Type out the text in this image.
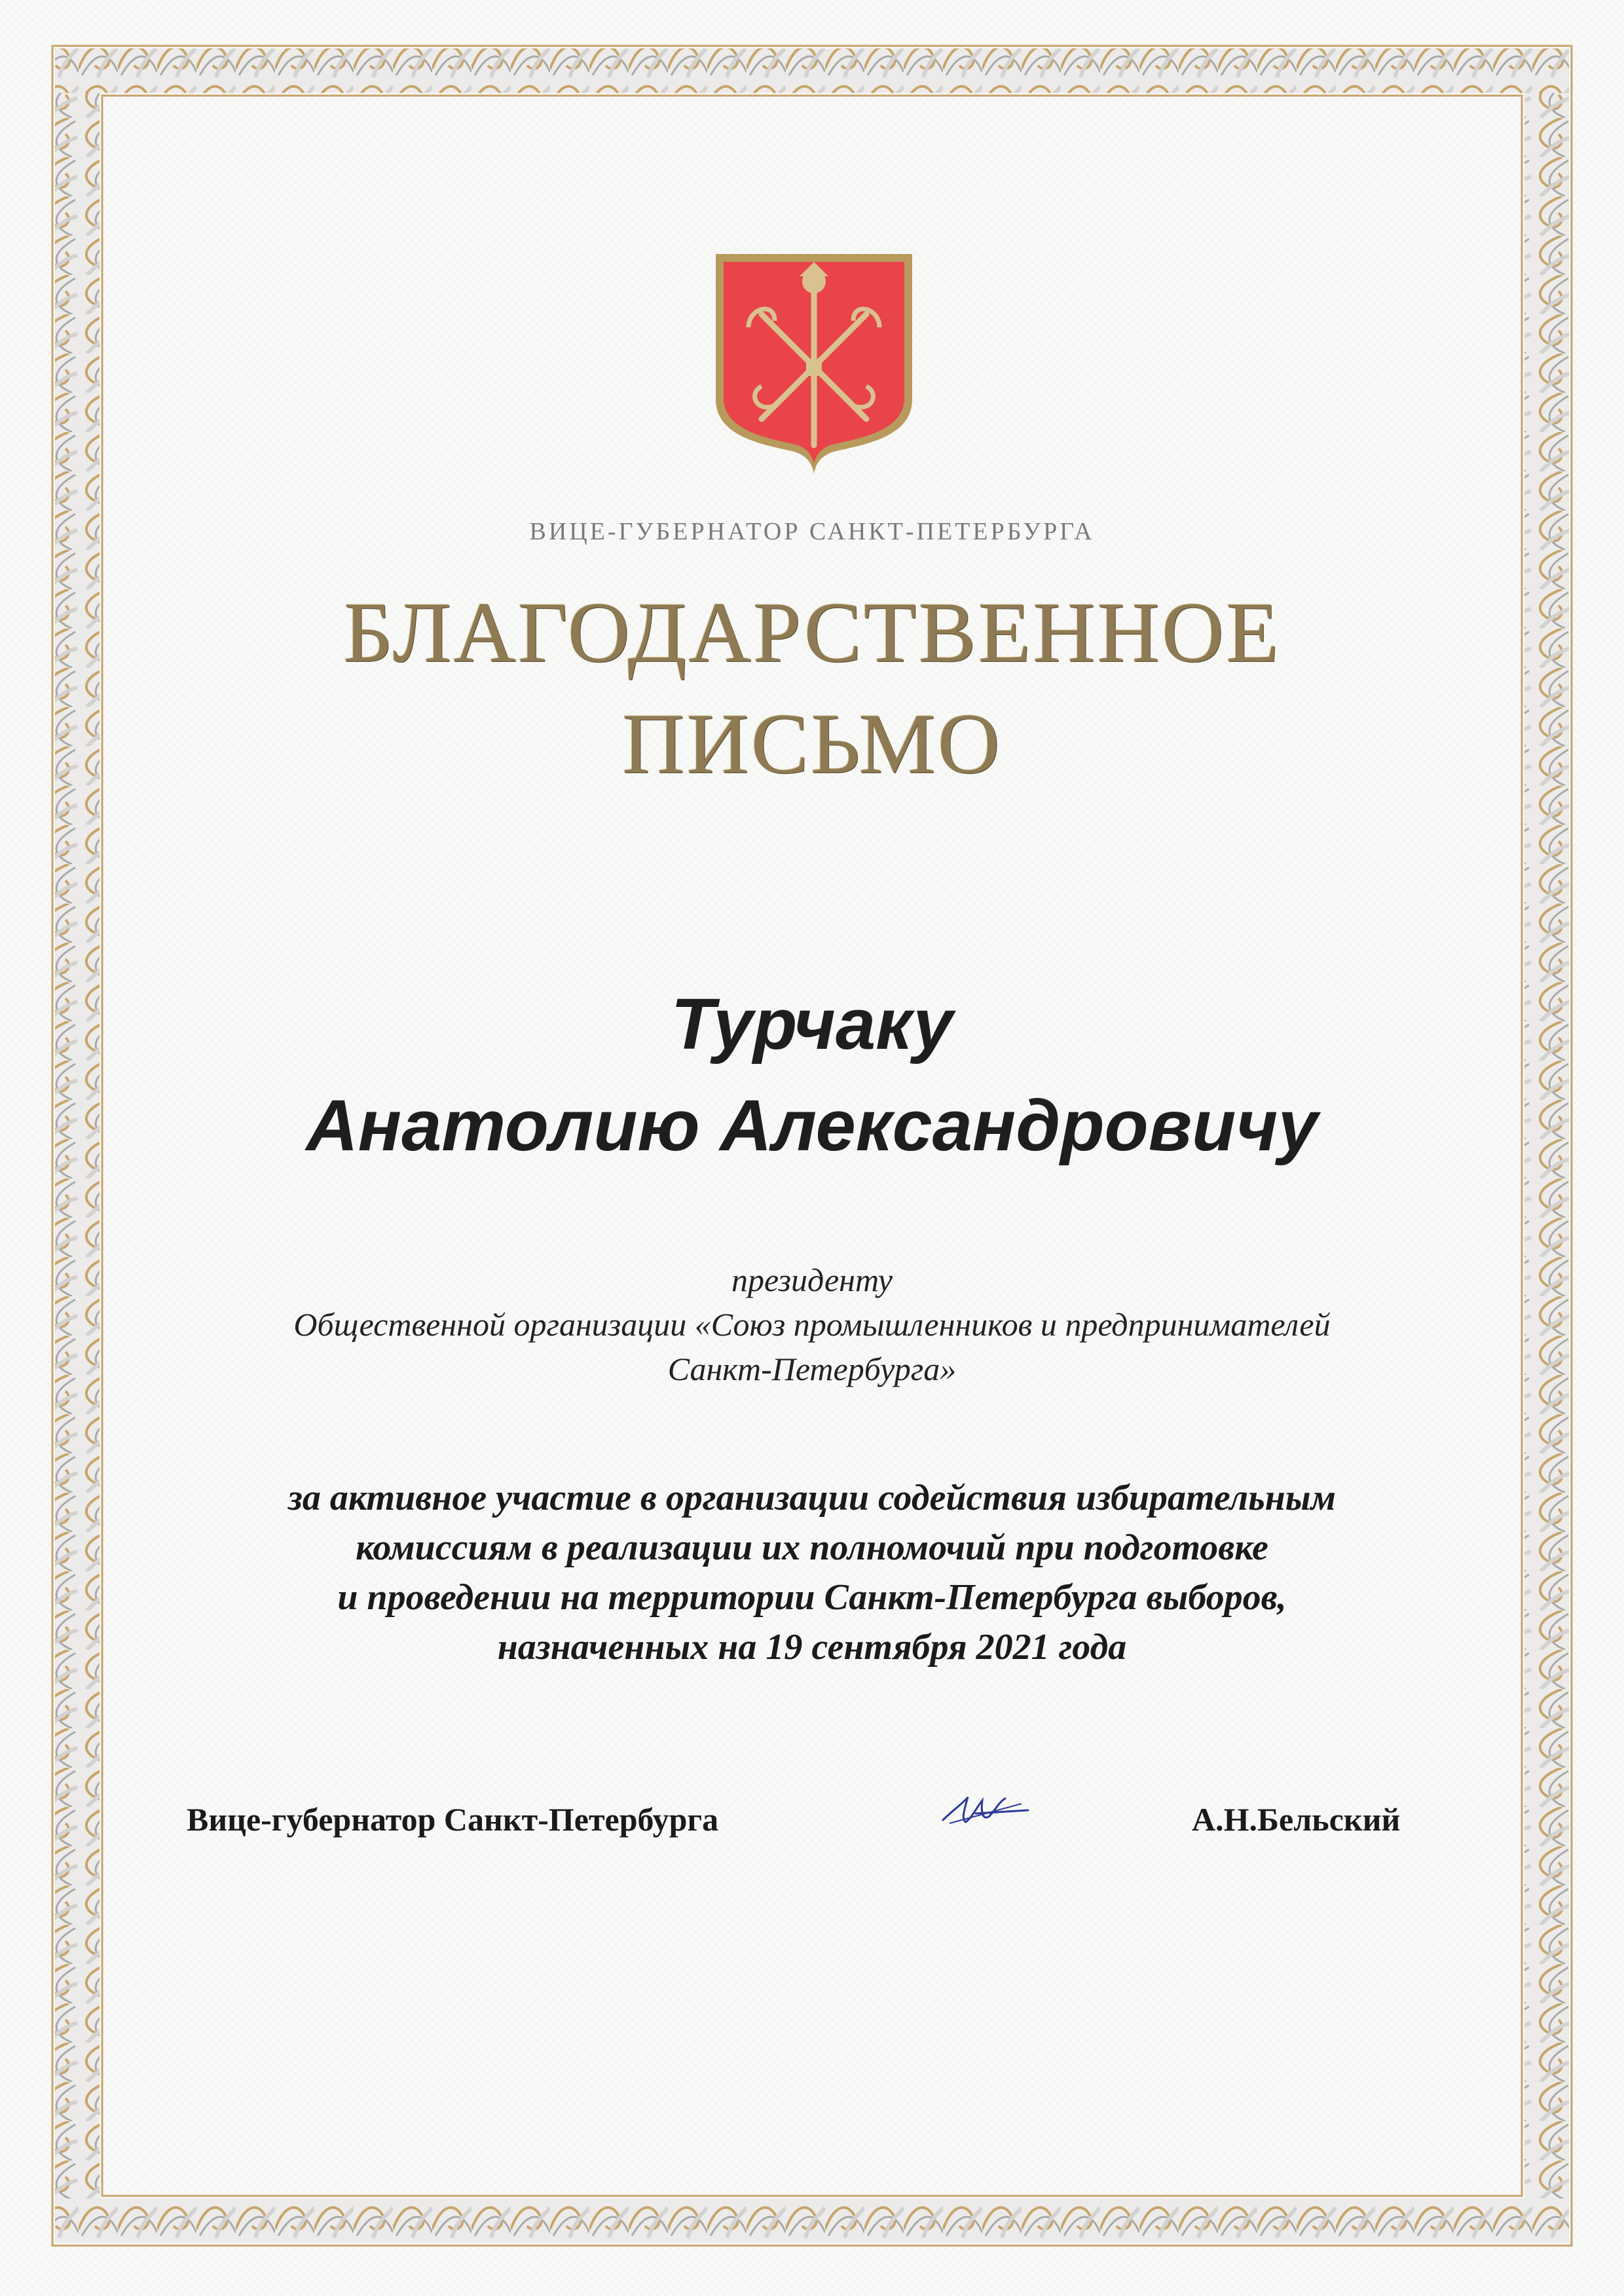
ВИЦЕ-ГУБЕРНАТОР САНКТ-ПЕТЕРБУРГА
БЛАГОДАРСТВЕННОЕ
ПИСЬМО
Турчаку
Анатолию Александровичу
президенту
Общественной организации «Союз промышленников и предпринимателей
Санкт-Петербурга»
за активное участие в организации содействия избирательным
комиссиям в реализации их полномочий при подготовке
и проведении на территории Санкт-Петербурга выборов,
назначенных на 19 сентября 2021 года
Вице-губернатор Санкт-Петербурга	А.Н.Бельский
